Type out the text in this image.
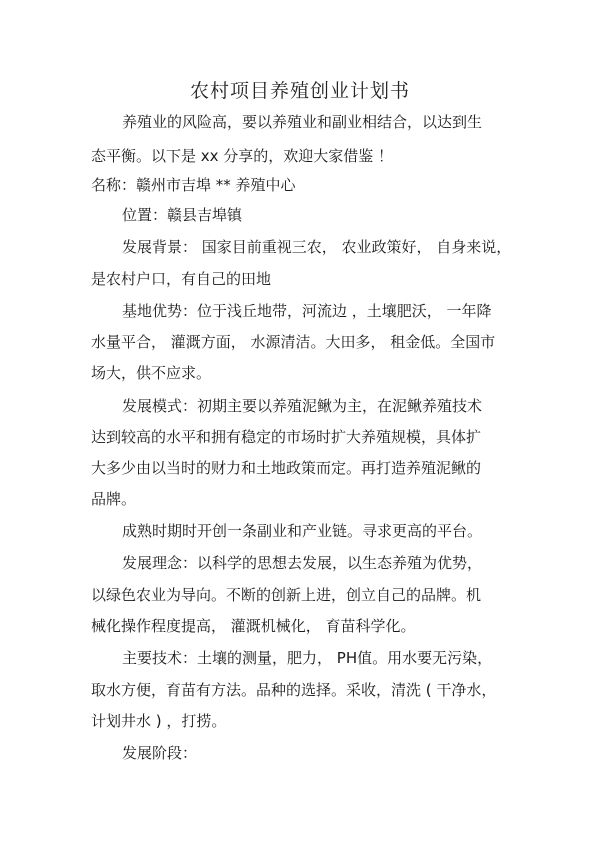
农村项目养殖创业计划书
养殖业的风险高，要以养殖业和副业相结合，以达到生
态平衡。以下是 xx 分享的，欢迎大家借鉴 ！
名称：赣州市吉埠 ** 养殖中心
位置：赣县吉埠镇
发展背景： 国家目前重视三农， 农业政策好， 自身来说，
是农村户口，有自己的田地
基地优势：位于浅丘地带，河流边 ，土壤肥沃， 一年降
水量平合， 灌溉方面， 水源清洁。大田多， 租金低。全国市
场大，供不应求。
发展模式：初期主要以养殖泥鳅为主，在泥鳅养殖技术
达到较高的水平和拥有稳定的市场时扩大养殖规模，具体扩
大多少由以当时的财力和土地政策而定。再打造养殖泥鳅的
品牌。
成熟时期时开创一条副业和产业链。寻求更高的平台。
发展理念：以科学的思想去发展，以生态养殖为优势，
以绿色农业为导向。不断的创新上进，创立自己的品牌。机
械化操作程度提高， 灌溉机械化， 育苗科学化。
主要技术：土壤的测量，肥力， PH值。用水要无污染，
取水方便，育苗有方法。品种的选择。采收，清洗 ( 干净水，
计划井水 ) ，打捞。
发展阶段：
